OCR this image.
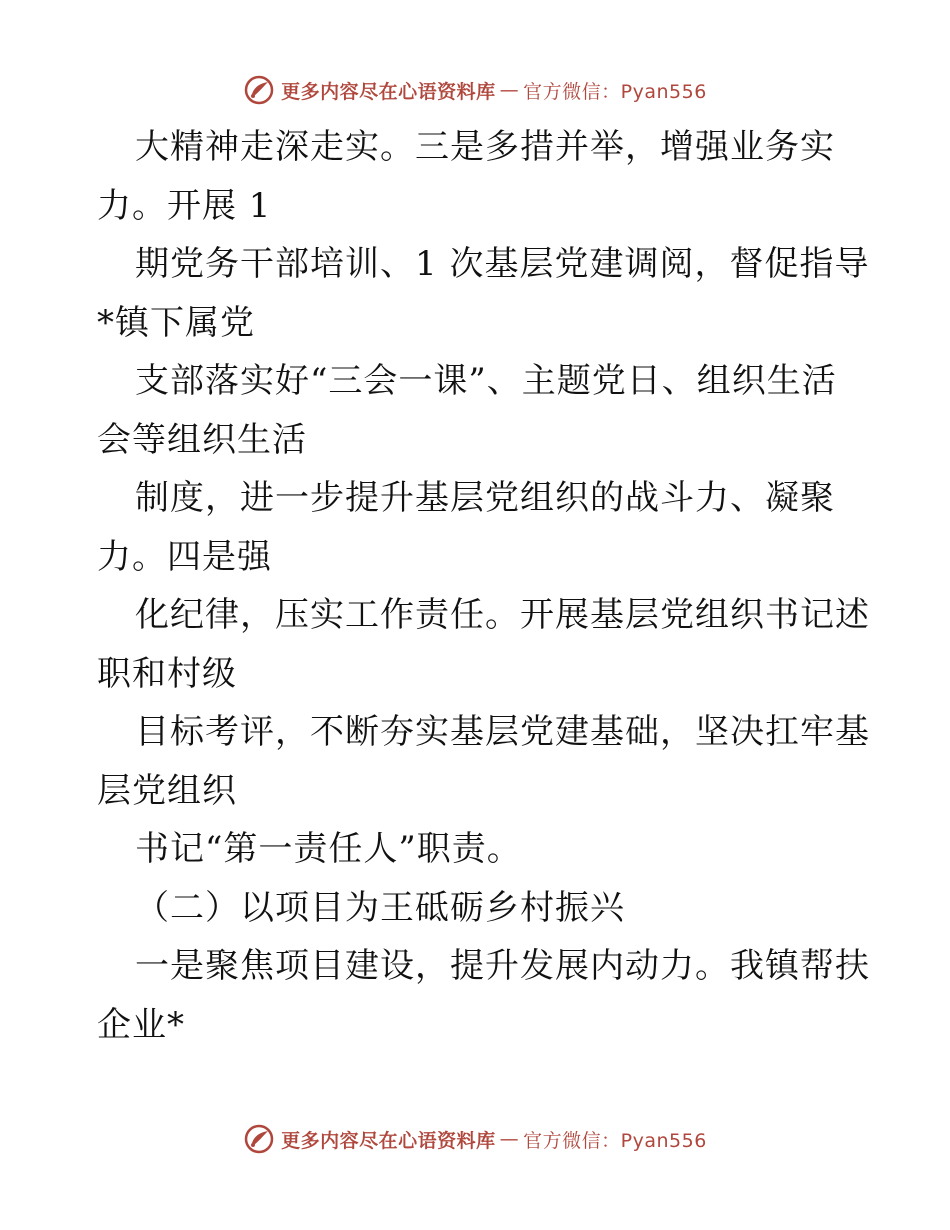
更多内容尽在心语资料库 — 官方微信：Pyan556
大精神走深走实。三是多措并举，增强业务实
力。开展 1
期党务干部培训、1 次基层党建调阅，督促指导
*镇下属党
支部落实好“三会一课”、主题党日、组织生活
会等组织生活
制度，进一步提升基层党组织的战斗力、凝聚
力。四是强
化纪律，压实工作责任。开展基层党组织书记述
职和村级
目标考评，不断夯实基层党建基础，坚决扛牢基
层党组织
书记“第一责任人”职责。
（二）以项目为王砥砺乡村振兴
一是聚焦项目建设，提升发展内动力。我镇帮扶
企业*
更多内容尽在心语资料库 — 官方微信：Pyan556
